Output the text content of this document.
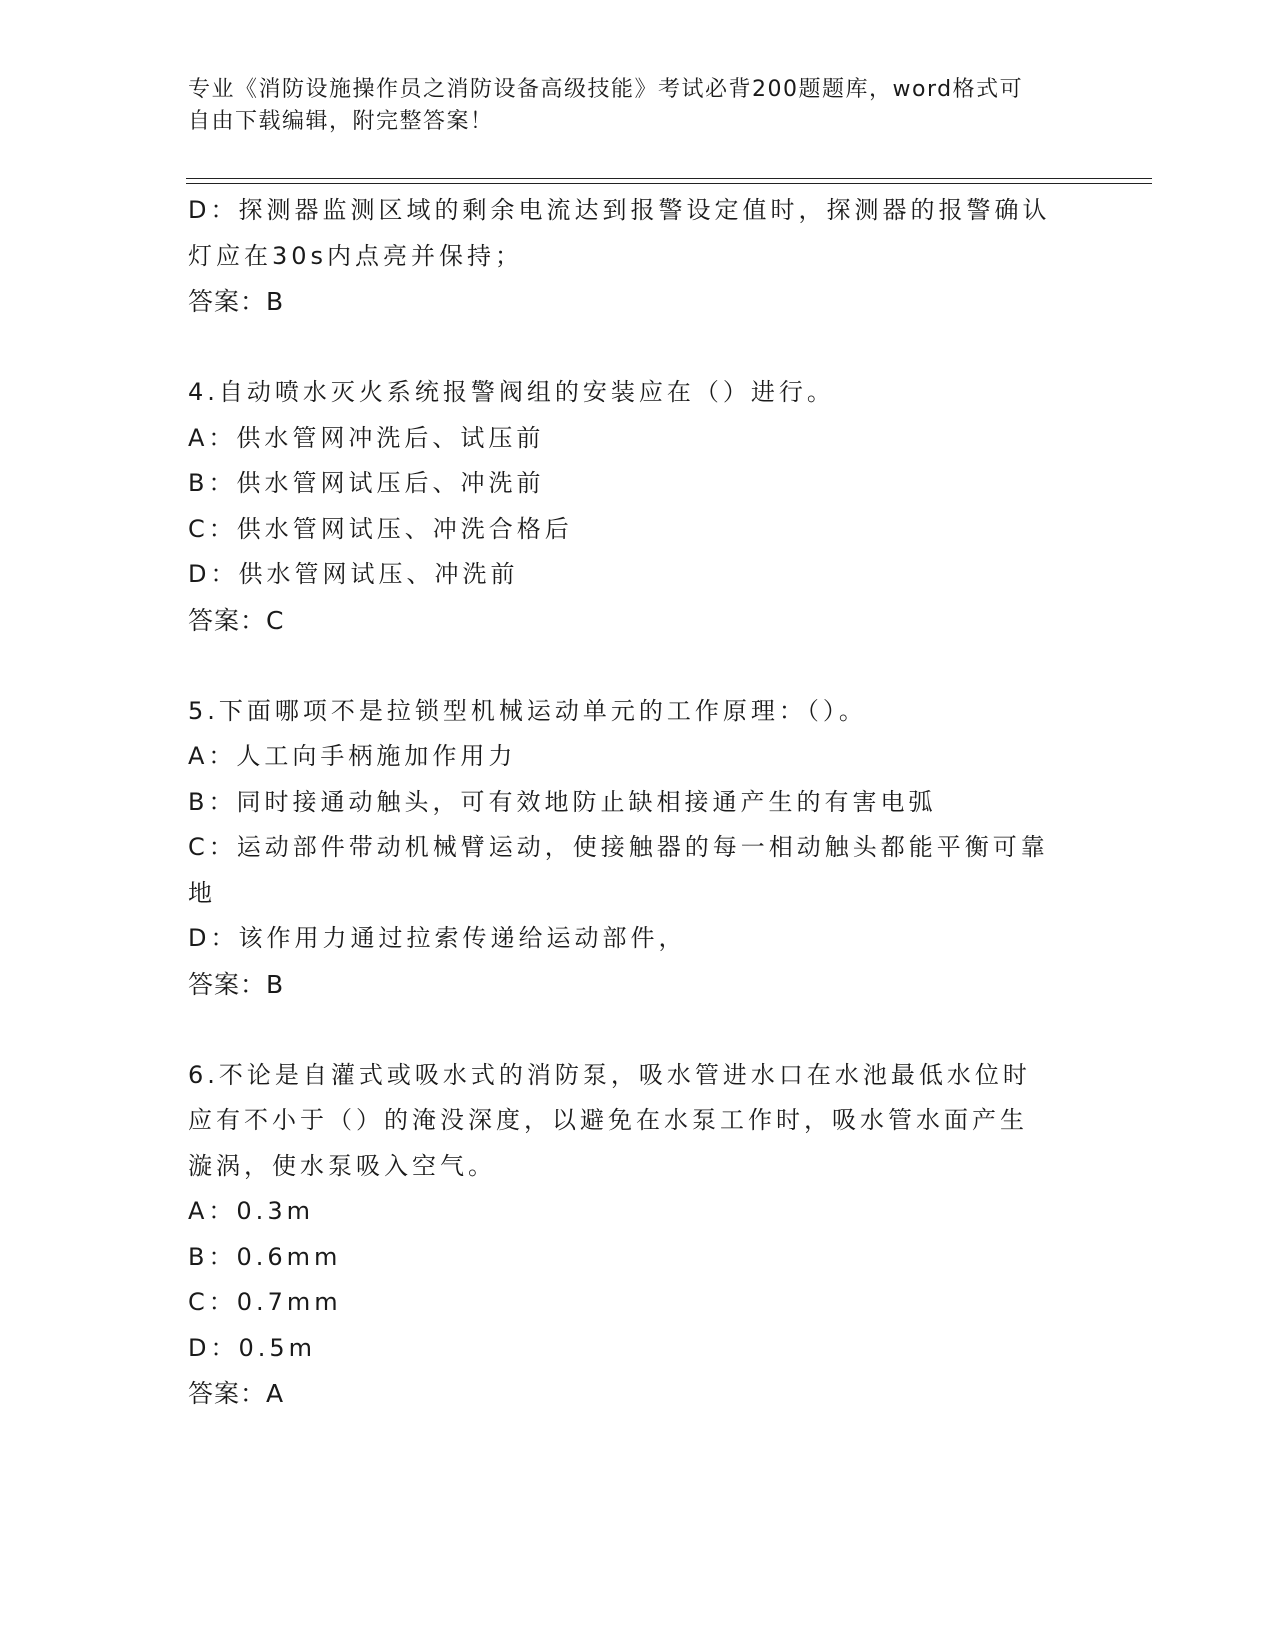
专业《消防设施操作员之消防设备高级技能》考试必背200题题库，word格式可
自由下载编辑，附完整答案！
D：探测器监测区域的剩余电流达到报警设定值时，探测器的报警确认
灯应在30s内点亮并保持；
答案：B
4.自动喷水灭火系统报警阀组的安装应在（）进行。
A：供水管网冲洗后、试压前
B：供水管网试压后、冲洗前
C：供水管网试压、冲洗合格后
D：供水管网试压、冲洗前
答案：C
5.下面哪项不是拉锁型机械运动单元的工作原理：（）。
A：人工向手柄施加作用力
B：同时接通动触头，可有效地防止缺相接通产生的有害电弧
C：运动部件带动机械臂运动，使接触器的每一相动触头都能平衡可靠
地
D：该作用力通过拉索传递给运动部件，
答案：B
6.不论是自灌式或吸水式的消防泵，吸水管进水口在水池最低水位时
应有不小于（）的淹没深度，以避免在水泵工作时，吸水管水面产生
漩涡，使水泵吸入空气。
A：0.3m
B：0.6mm
C：0.7mm
D：0.5m
答案：A
